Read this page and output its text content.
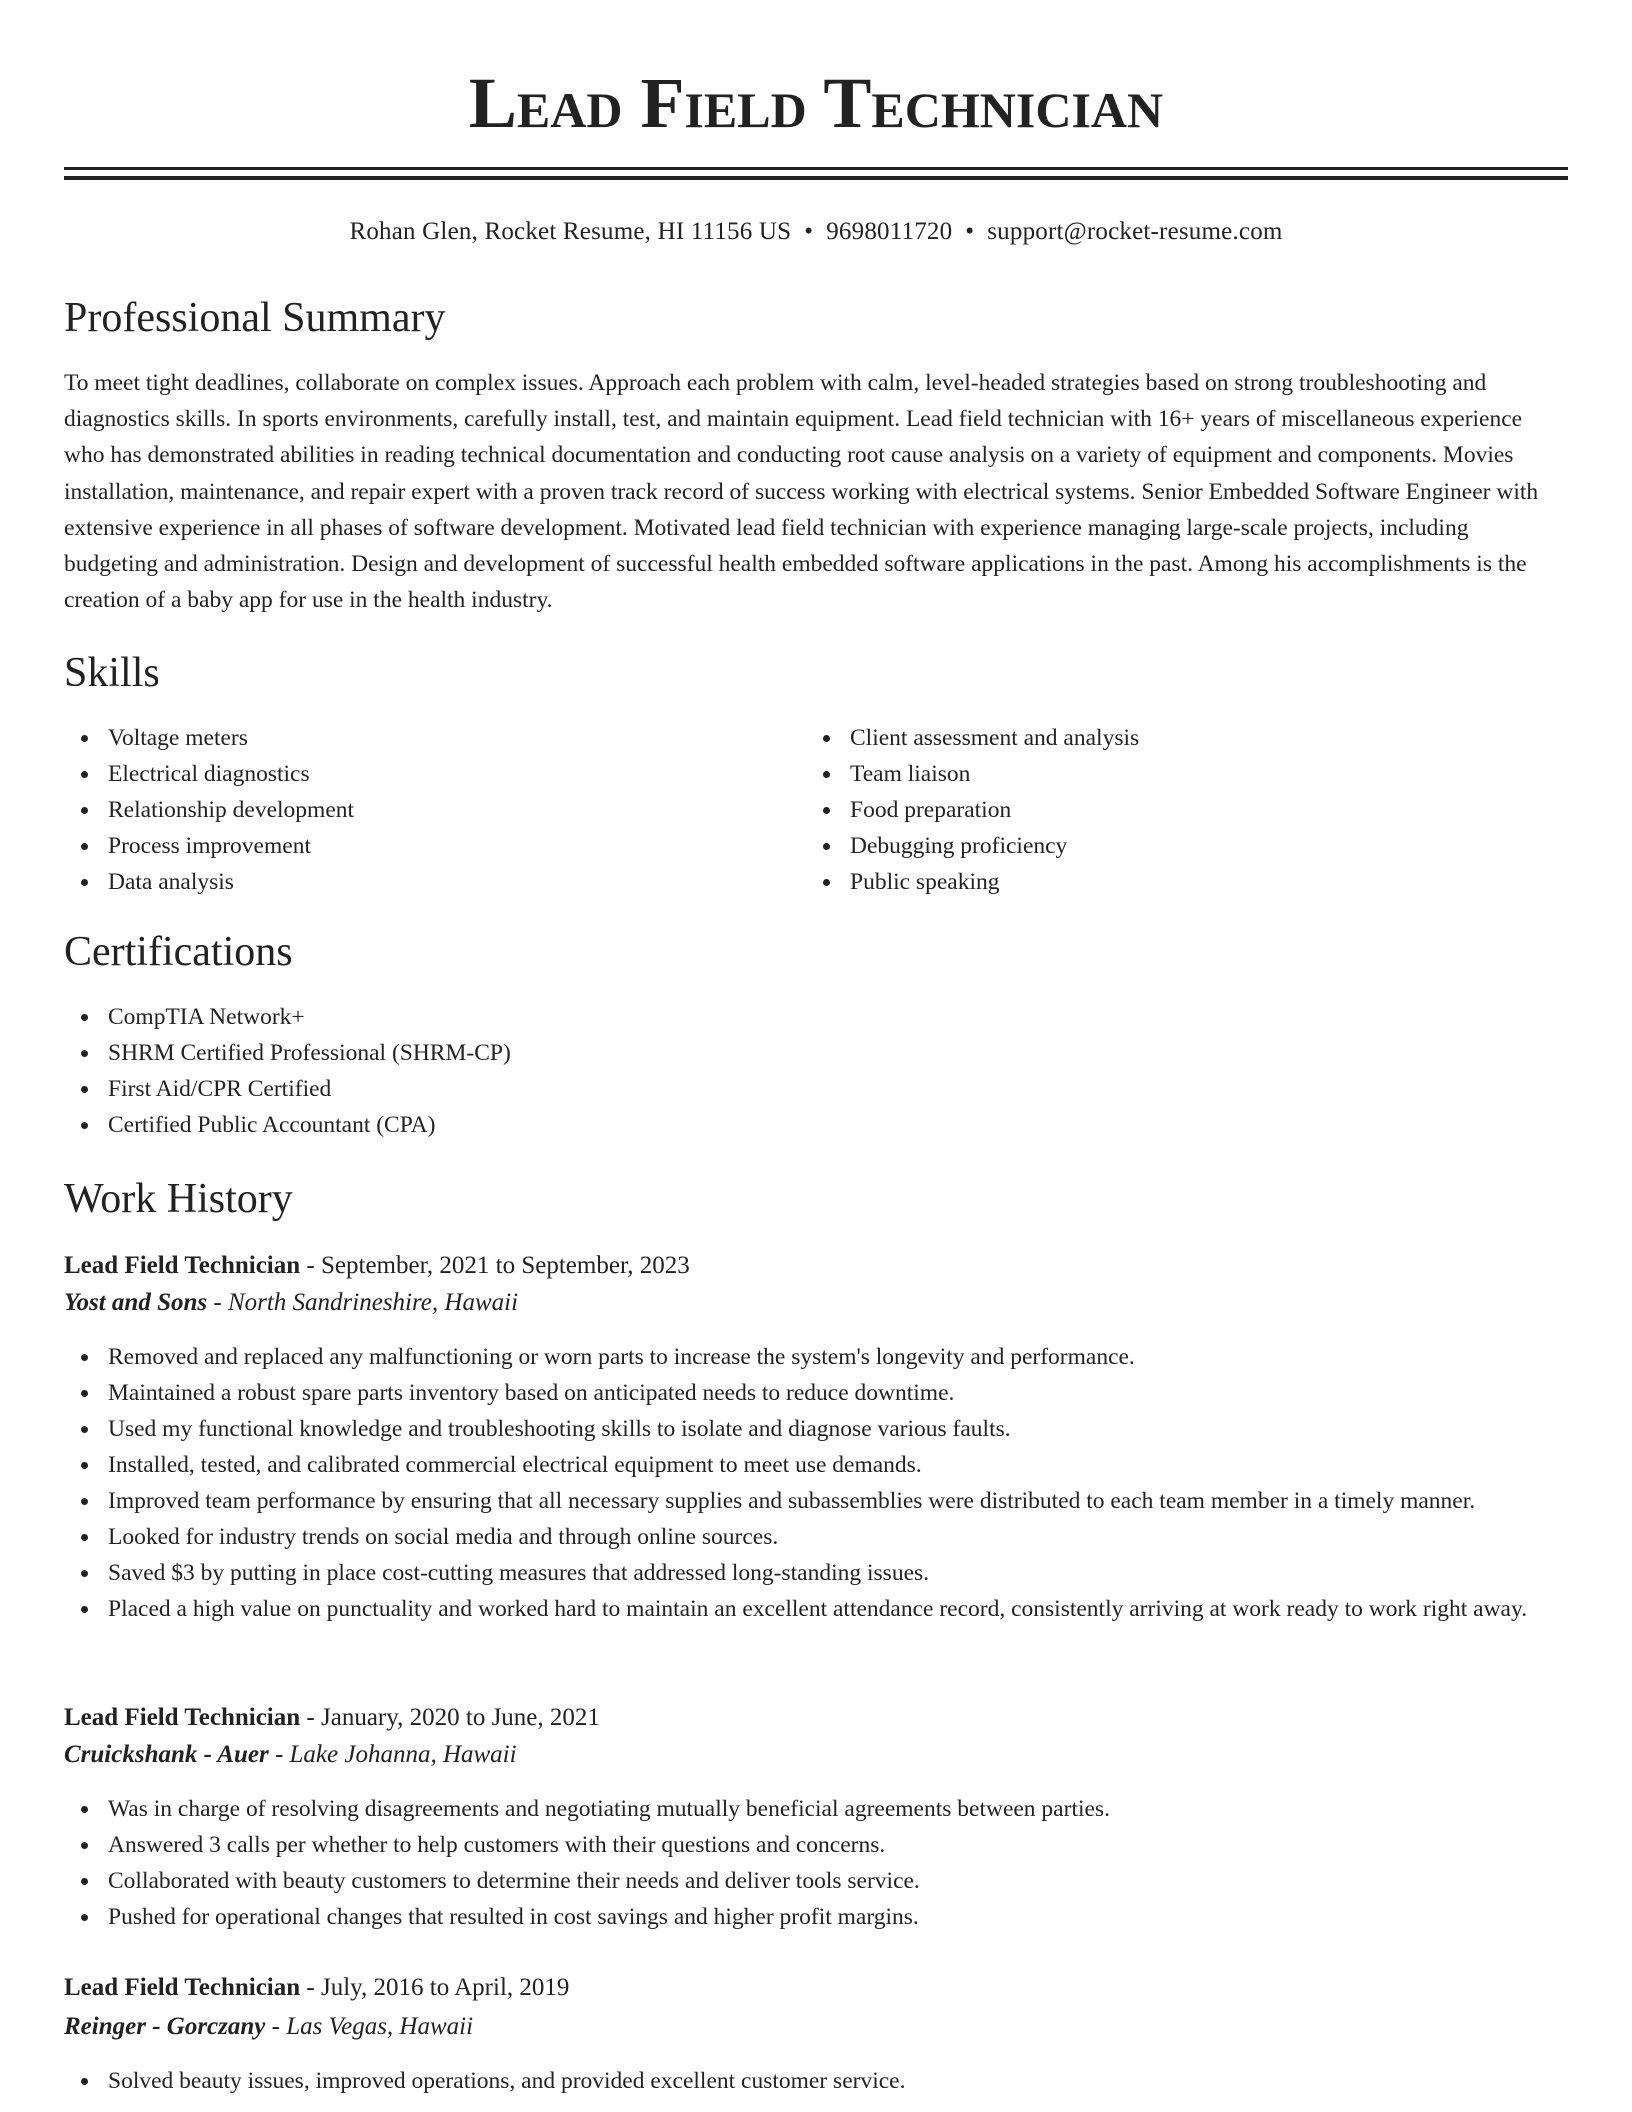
Lead Field Technician
Rohan Glen, Rocket Resume, HI 11156 US • 9698011720 • support@rocket-resume.com
Professional Summary

To meet tight deadlines, collaborate on complex issues. Approach each problem with calm, level-headed strategies based on strong troubleshooting and diagnostics skills. In sports environments, carefully install, test, and maintain equipment. Lead field technician with 16+ years of miscellaneous experience who has demonstrated abilities in reading technical documentation and conducting root cause analysis on a variety of equipment and components. Movies installation, maintenance, and repair expert with a proven track record of success working with electrical systems. Senior Embedded Software Engineer with extensive experience in all phases of software development. Motivated lead field technician with experience managing large-scale projects, including budgeting and administration. Design and development of successful health embedded software applications in the past. Among his accomplishments is the creation of a baby app for use in the health industry.

Skills
Voltage meters
Electrical diagnostics
Relationship development
Process improvement
Data analysis
Client assessment and analysis
Team liaison
Food preparation
Debugging proficiency
Public speaking
Certifications
CompTIA Network+
SHRM Certified Professional (SHRM-CP)
First Aid/CPR Certified
Certified Public Accountant (CPA)
Work History
Lead Field Technician - September, 2021 to September, 2023
Yost and Sons - North Sandrineshire, Hawaii
Removed and replaced any malfunctioning or worn parts to increase the system's longevity and performance.
Maintained a robust spare parts inventory based on anticipated needs to reduce downtime.
Used my functional knowledge and troubleshooting skills to isolate and diagnose various faults.
Installed, tested, and calibrated commercial electrical equipment to meet use demands.
Improved team performance by ensuring that all necessary supplies and subassemblies were distributed to each team member in a timely manner.
Looked for industry trends on social media and through online sources.
Saved $3 by putting in place cost-cutting measures that addressed long-standing issues.
Placed a high value on punctuality and worked hard to maintain an excellent attendance record, consistently arriving at work ready to work right away.
Lead Field Technician - January, 2020 to June, 2021
Cruickshank - Auer - Lake Johanna, Hawaii
Was in charge of resolving disagreements and negotiating mutually beneficial agreements between parties.
Answered 3 calls per whether to help customers with their questions and concerns.
Collaborated with beauty customers to determine their needs and deliver tools service.
Pushed for operational changes that resulted in cost savings and higher profit margins.
Lead Field Technician - July, 2016 to April, 2019
Reinger - Gorczany - Las Vegas, Hawaii
Solved beauty issues, improved operations, and provided excellent customer service.
